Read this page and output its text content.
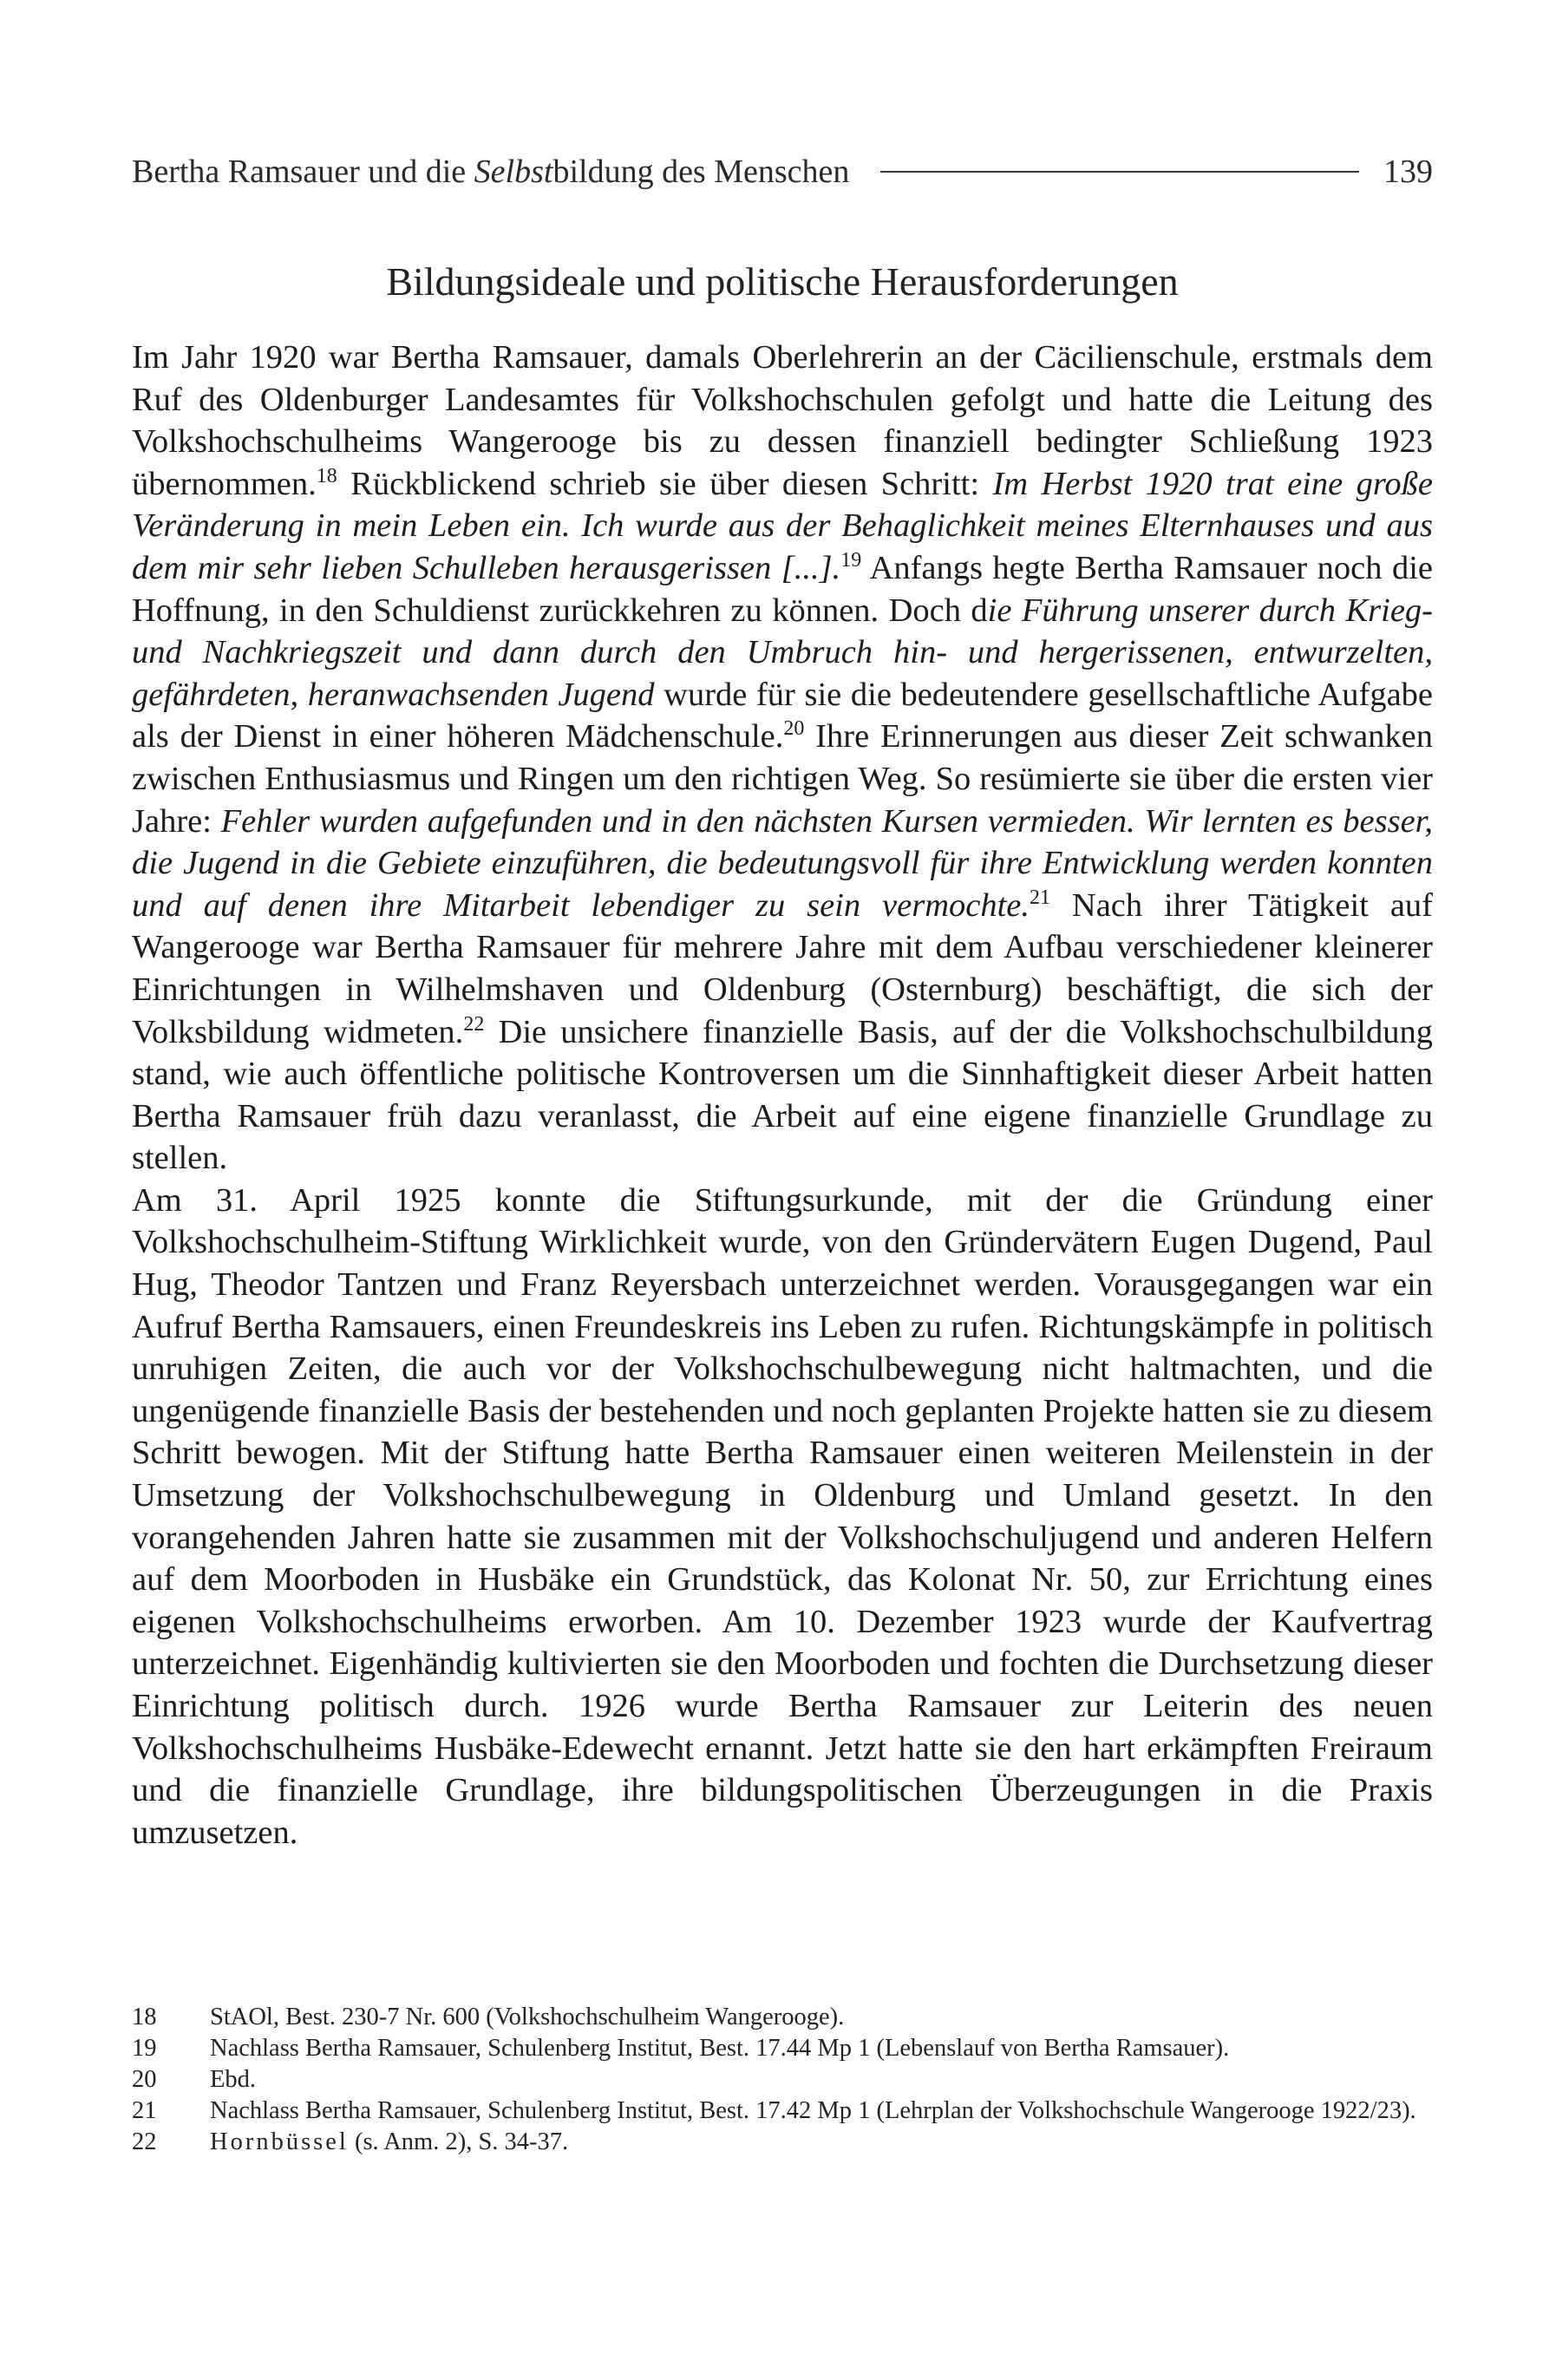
Bertha Ramsauer und die Selbstbildung des Menschen	139
Bildungsideale und politische Herausforderungen

Im Jahr 1920 war Bertha Ramsauer, damals Oberlehrerin an der Cäcilienschule, erstmals dem Ruf des Oldenburger Landesamtes für Volkshochschulen gefolgt und hatte die Leitung des Volkshochschulheims Wangerooge bis zu dessen finanziell bedingter Schließung 1923 übernommen.$^{18}$ Rückblickend schrieb sie über diesen Schritt: Im Herbst 1920 trat eine große Veränderung in mein Leben ein. Ich wurde aus der Behaglichkeit meines Elternhauses und aus dem mir sehr lieben Schulleben herausgerissen [...].$^{19}$ Anfangs hegte Bertha Ramsauer noch die Hoffnung, in den Schuldienst zurückkehren zu können. Doch die Führung unserer durch Krieg- und Nachkriegszeit und dann durch den Umbruch hin- und hergerissenen, entwurzelten, gefährdeten, heranwachsenden Jugend wurde für sie die bedeutendere gesellschaftliche Aufgabe als der Dienst in einer höheren Mädchenschule.$^{20}$ Ihre Erinnerungen aus dieser Zeit schwanken zwischen Enthusiasmus und Ringen um den richtigen Weg. So resümierte sie über die ersten vier Jahre: Fehler wurden aufgefunden und in den nächsten Kursen vermieden. Wir lernten es besser, die Jugend in die Gebiete einzuführen, die bedeutungsvoll für ihre Entwicklung werden konnten und auf denen ihre Mitarbeit lebendiger zu sein vermochte.$^{21}$ Nach ihrer Tätigkeit auf Wangerooge war Bertha Ramsauer für mehrere Jahre mit dem Aufbau verschiedener kleinerer Einrichtungen in Wilhelmshaven und Oldenburg (Osternburg) beschäftigt, die sich der Volksbildung widmeten.$^{22}$ Die unsichere finanzielle Basis, auf der die Volkshochschulbildung stand, wie auch öffentliche politische Kontroversen um die Sinnhaftigkeit dieser Arbeit hatten Bertha Ramsauer früh dazu veranlasst, die Arbeit auf eine eigene finanzielle Grundlage zu stellen.

Am 31. April 1925 konnte die Stiftungsurkunde, mit der die Gründung einer Volkshochschulheim-Stiftung Wirklichkeit wurde, von den Gründervätern Eugen Dugend, Paul Hug, Theodor Tantzen und Franz Reyersbach unterzeichnet werden. Vorausgegangen war ein Aufruf Bertha Ramsauers, einen Freundeskreis ins Leben zu rufen. Richtungskämpfe in politisch unruhigen Zeiten, die auch vor der Volkshochschulbewegung nicht haltmachten, und die ungenügende finanzielle Basis der bestehenden und noch geplanten Projekte hatten sie zu diesem Schritt bewogen. Mit der Stiftung hatte Bertha Ramsauer einen weiteren Meilenstein in der Umsetzung der Volkshochschulbewegung in Oldenburg und Umland gesetzt. In den vorangehenden Jahren hatte sie zusammen mit der Volkshochschuljugend und anderen Helfern auf dem Moorboden in Husbäke ein Grundstück, das Kolonat Nr. 50, zur Errichtung eines eigenen Volkshochschulheims erworben. Am 10. Dezember 1923 wurde der Kaufvertrag unterzeichnet. Eigenhändig kultivierten sie den Moorboden und fochten die Durchsetzung dieser Einrichtung politisch durch. 1926 wurde Bertha Ramsauer zur Leiterin des neuen Volkshochschulheims Husbäke-Edewecht ernannt. Jetzt hatte sie den hart erkämpften Freiraum und die finanzielle Grundlage, ihre bildungspolitischen Überzeugungen in die Praxis umzusetzen.

18	StAOl, Best. 230-7 Nr. 600 (Volkshochschulheim Wangerooge).

19	Nachlass Bertha Ramsauer, Schulenberg Institut, Best. 17.44 Mp 1 (Lebenslauf von Bertha Ramsauer).

20	Ebd.

21	Nachlass Bertha Ramsauer, Schulenberg Institut, Best. 17.42 Mp 1 (Lehrplan der Volkshochschule Wangerooge 1922/23).

22	Hornbüssel (s. Anm. 2), S. 34-37.
